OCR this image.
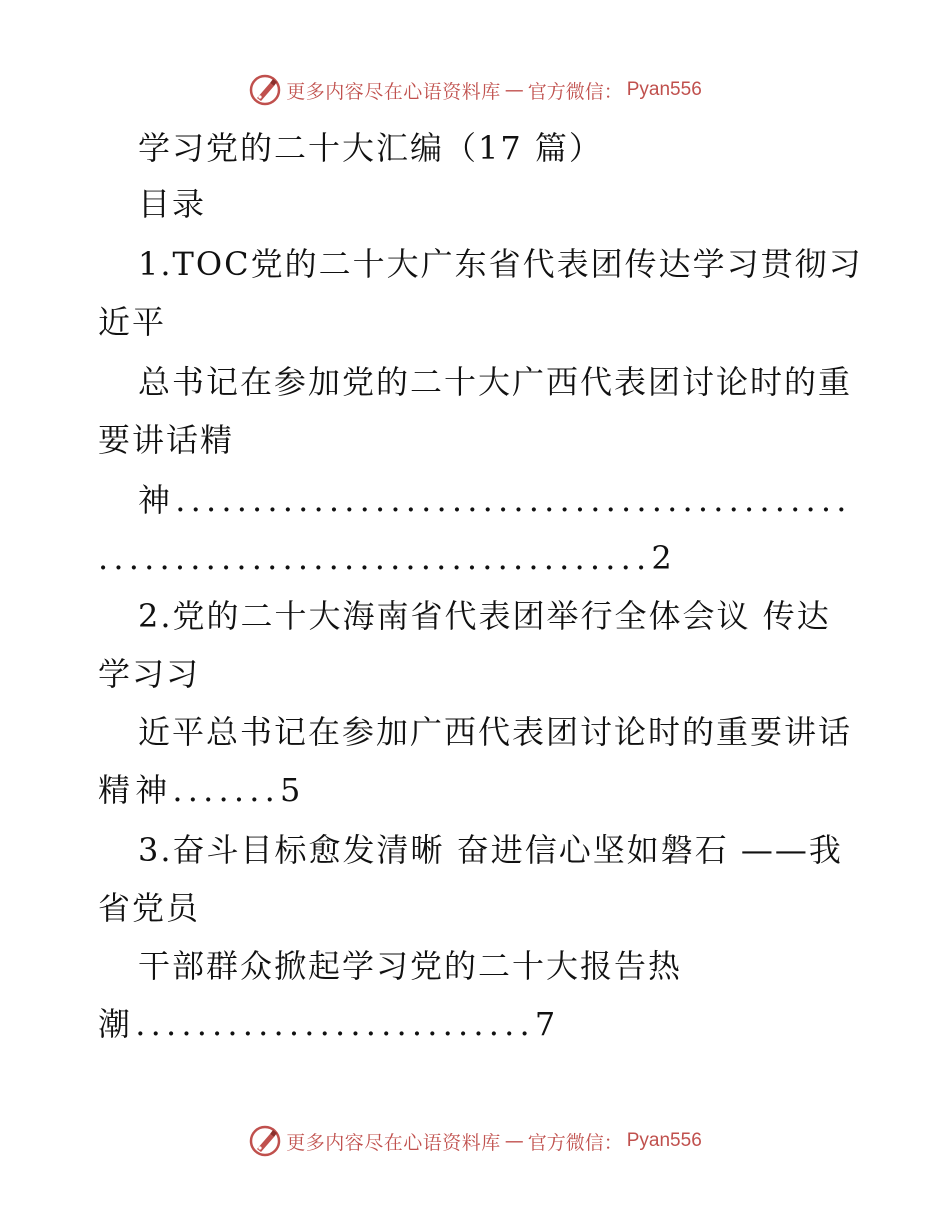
更多内容尽在心语资料库 — 官方微信： Pyan556
学习党的二十大汇编（17 篇）
目录
1.TOC党的二十大广东省代表团传达学习贯彻习
近平
总书记在参加党的二十大广西代表团讨论时的重
要讲话精
神............................................
....................................2
2.党的二十大海南省代表团举行全体会议 传达
学习习
近平总书记在参加广西代表团讨论时的重要讲话
精神.......5
3.奋斗目标愈发清晰 奋进信心坚如磐石 ——我
省党员
干部群众掀起学习党的二十大报告热
潮..........................7
更多内容尽在心语资料库 — 官方微信： Pyan556
